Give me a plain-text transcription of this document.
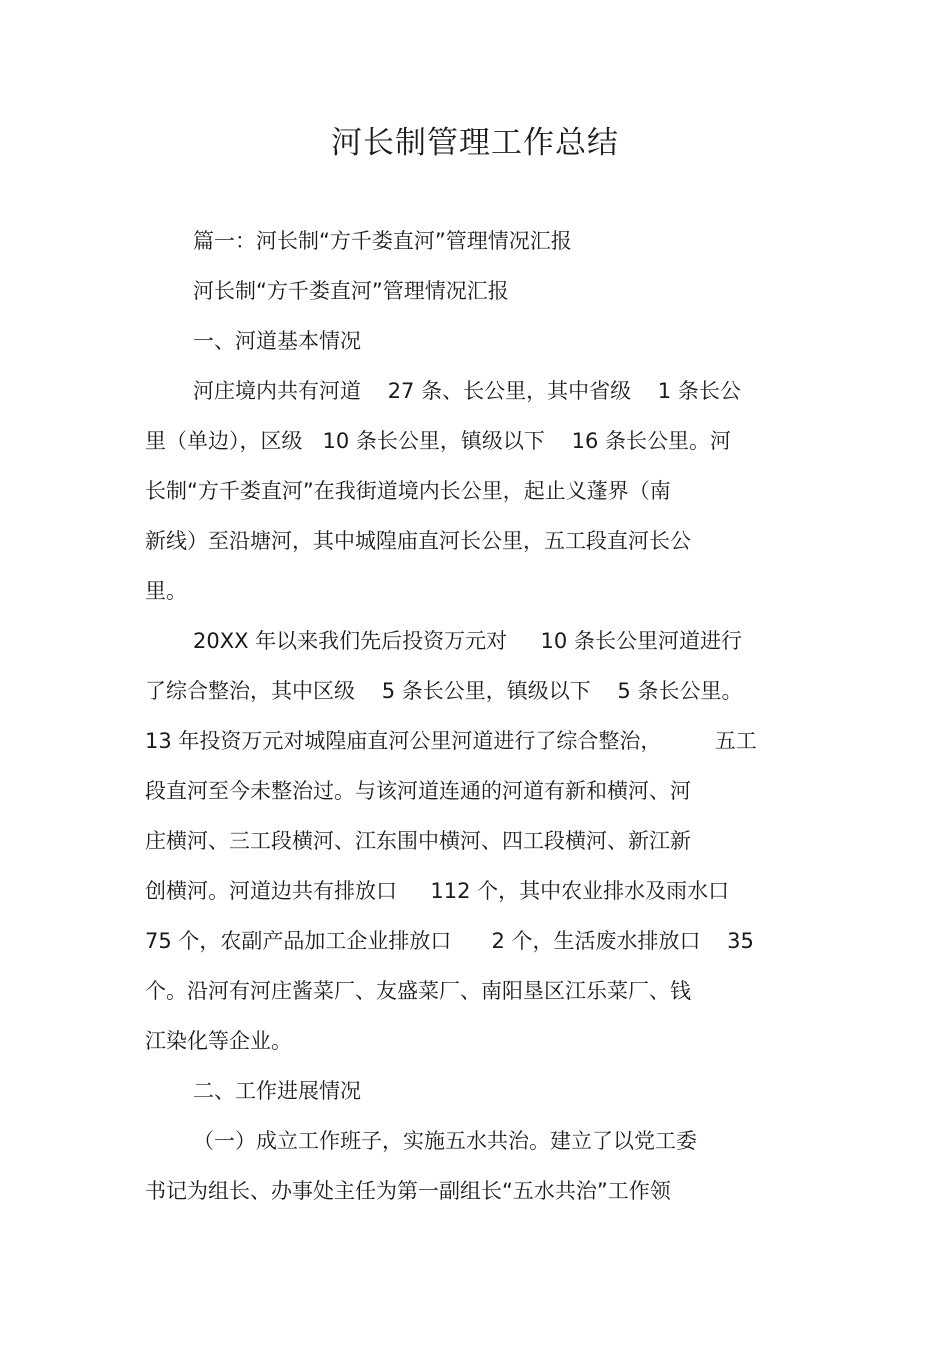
河长制管理工作总结
篇一：河长制“方千娄直河”管理情况汇报
河长制“方千娄直河”管理情况汇报
一、河道基本情况
河庄境内共有河道    27 条、长公里，其中省级    1 条长公
里（单边），区级   10 条长公里，镇级以下    16 条长公里。河
长制“方千娄直河”在我街道境内长公里，起止义蓬界（南
新线）至沿塘河，其中城隍庙直河长公里，五工段直河长公
里。
20XX 年以来我们先后投资万元对     10 条长公里河道进行
了综合整治，其中区级    5 条长公里，镇级以下    5 条长公里。
13 年投资万元对城隍庙直河公里河道进行了综合整治，        五工
段直河至今未整治过。与该河道连通的河道有新和横河、河
庄横河、三工段横河、江东围中横河、四工段横河、新江新
创横河。河道边共有排放口     112 个，其中农业排水及雨水口
75 个，农副产品加工企业排放口      2 个，生活废水排放口    35
个。沿河有河庄酱菜厂、友盛菜厂、南阳垦区江乐菜厂、钱
江染化等企业。
二、工作进展情况
（一）成立工作班子，实施五水共治。建立了以党工委
书记为组长、办事处主任为第一副组长“五水共治”工作领
